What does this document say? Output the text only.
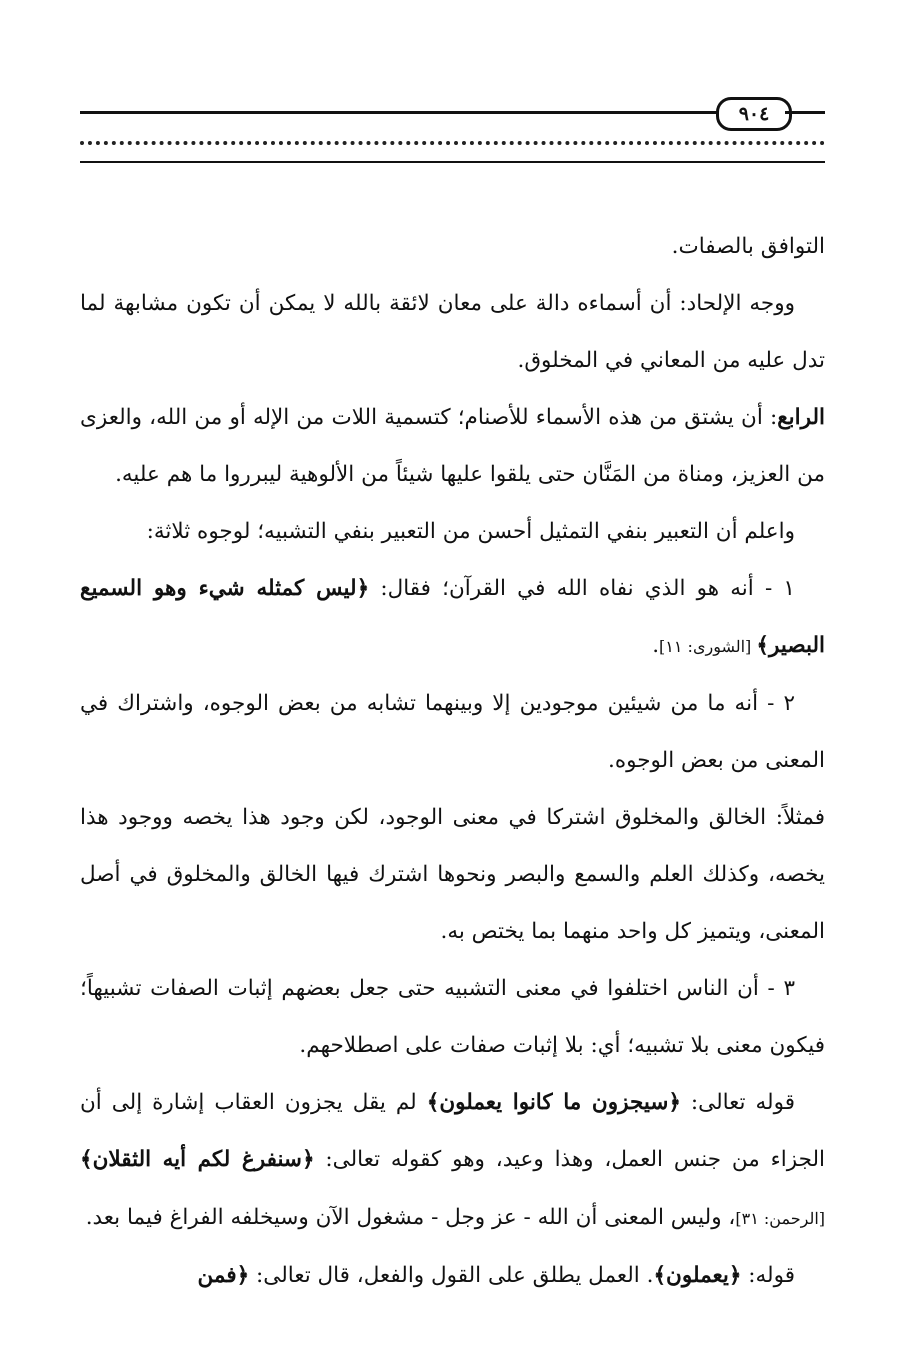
٩٠٤

التوافق بالصفات.

ووجه الإلحاد: أن أسماءه دالة على معان لائقة بالله لا يمكن أن تكون مشابهة لما تدل عليه من المعاني في المخلوق.

الرابع: أن يشتق من هذه الأسماء للأصنام؛ كتسمية اللات من الإله أو من الله، والعزى من العزيز، ومناة من المَنَّان حتى يلقوا عليها شيئاً من الألوهية ليبرروا ما هم عليه.

واعلم أن التعبير بنفي التمثيل أحسن من التعبير بنفي التشبيه؛ لوجوه ثلاثة:

١ - أنه هو الذي نفاه الله في القرآن؛ فقال: ﴿ليس كمثله شيء وهو السميع البصير﴾ [الشورى: ١١].

٢ - أنه ما من شيئين موجودين إلا وبينهما تشابه من بعض الوجوه، واشتراك في المعنى من بعض الوجوه.

فمثلاً: الخالق والمخلوق اشتركا في معنى الوجود، لكن وجود هذا يخصه ووجود هذا يخصه، وكذلك العلم والسمع والبصر ونحوها اشترك فيها الخالق والمخلوق في أصل المعنى، ويتميز كل واحد منهما بما يختص به.

٣ - أن الناس اختلفوا في معنى التشبيه حتى جعل بعضهم إثبات الصفات تشبيهاً؛ فيكون معنى بلا تشبيه؛ أي: بلا إثبات صفات على اصطلاحهم.

قوله تعالى: ﴿سيجزون ما كانوا يعملون﴾ لم يقل يجزون العقاب إشارة إلى أن الجزاء من جنس العمل، وهذا وعيد، وهو كقوله تعالى: ﴿سنفرغ لكم أيه الثقلان﴾ [الرحمن: ٣١]، وليس المعنى أن الله - عز وجل - مشغول الآن وسيخلفه الفراغ فيما بعد.

قوله: ﴿يعملون﴾. العمل يطلق على القول والفعل، قال تعالى: ﴿فمن
